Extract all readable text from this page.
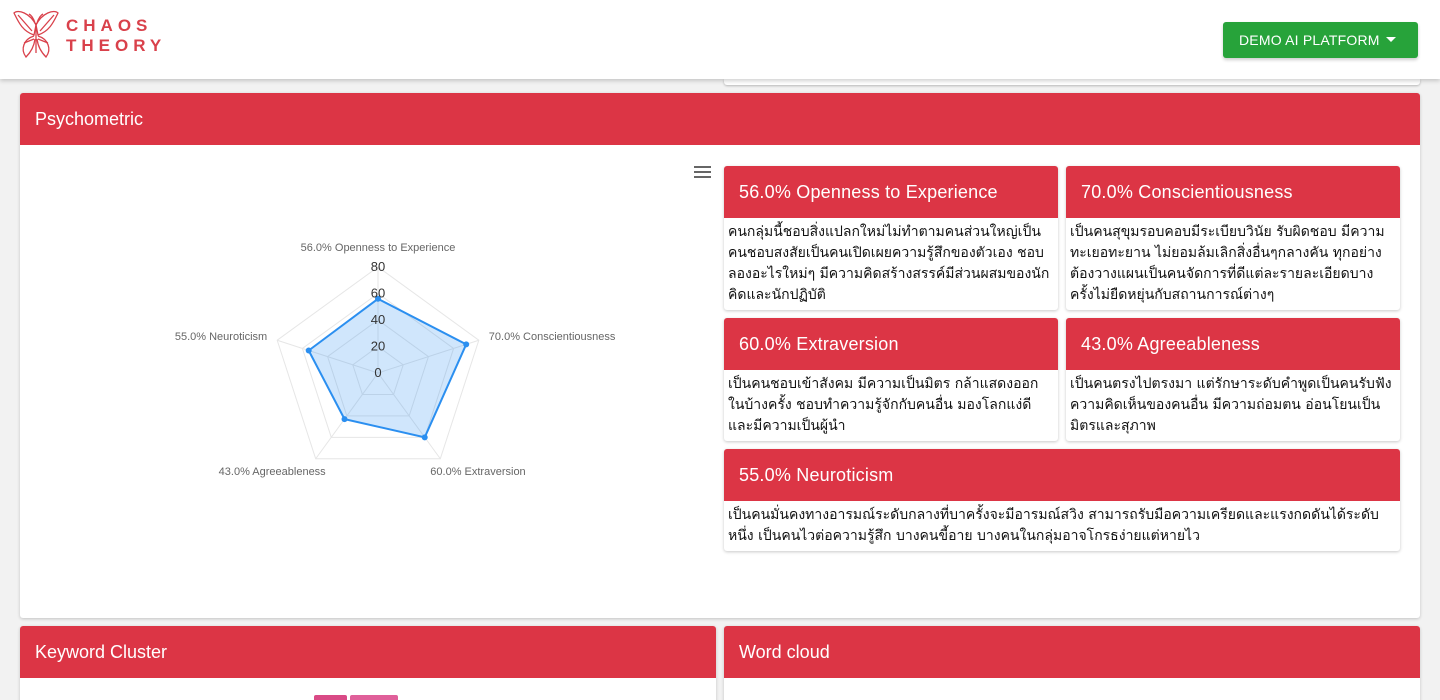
CHAOS
THEORY	DEMO AI PLATFORM
Psychometric
0
20
40
60
80
56.0% Openness to Experience
70.0% Conscientiousness
60.0% Extraversion
43.0% Agreeableness
55.0% Neuroticism
56.0% Openness to Experience
คนกลุ่มนี้ชอบสิ่งแปลกใหม่ไม่ทำตามคนส่วนใหญ่เป็นคนชอบสงสัยเป็นคนเปิดเผยความรู้สึกของตัวเอง ชอบลองอะไรใหม่ๆ มีความคิดสร้างสรรค์มีส่วนผสมของนักคิดและนักปฏิบัติ
70.0% Conscientiousness
เป็นคนสุขุมรอบคอบมีระเบียบวินัย รับผิดชอบ มีความทะเยอทะยาน ไม่ยอมล้มเลิกสิ่งอื่นๆกลางคัน ทุกอย่างต้องวางแผนเป็นคนจัดการที่ดีแต่ละรายละเอียดบางครั้งไม่ยืดหยุ่นกับสถานการณ์ต่างๆ
60.0% Extraversion
เป็นคนชอบเข้าสังคม มีความเป็นมิตร กล้าแสดงออกในบ้างครั้ง ชอบทำความรู้จักกับคนอื่น มองโลกแง่ดีและมีความเป็นผู้นำ
43.0% Agreeableness
เป็นคนตรงไปตรงมา แต่รักษาระดับคำพูดเป็นคนรับฟังความคิดเห็นของคนอื่น มีความถ่อมตน อ่อนโยนเป็นมิตรและสุภาพ
55.0% Neuroticism
เป็นคนมั่นคงทางอารมณ์ระดับกลางที่บาครั้งจะมีอารมณ์สวิง สามารถรับมือความเครียดและแรงกดดันได้ระดับหนึ่ง เป็นคนไวต่อความรู้สึก บางคนขี้อาย บางคนในกลุ่มอาจโกรธง่ายแต่หายไว
Keyword Cluster	Word cloud
